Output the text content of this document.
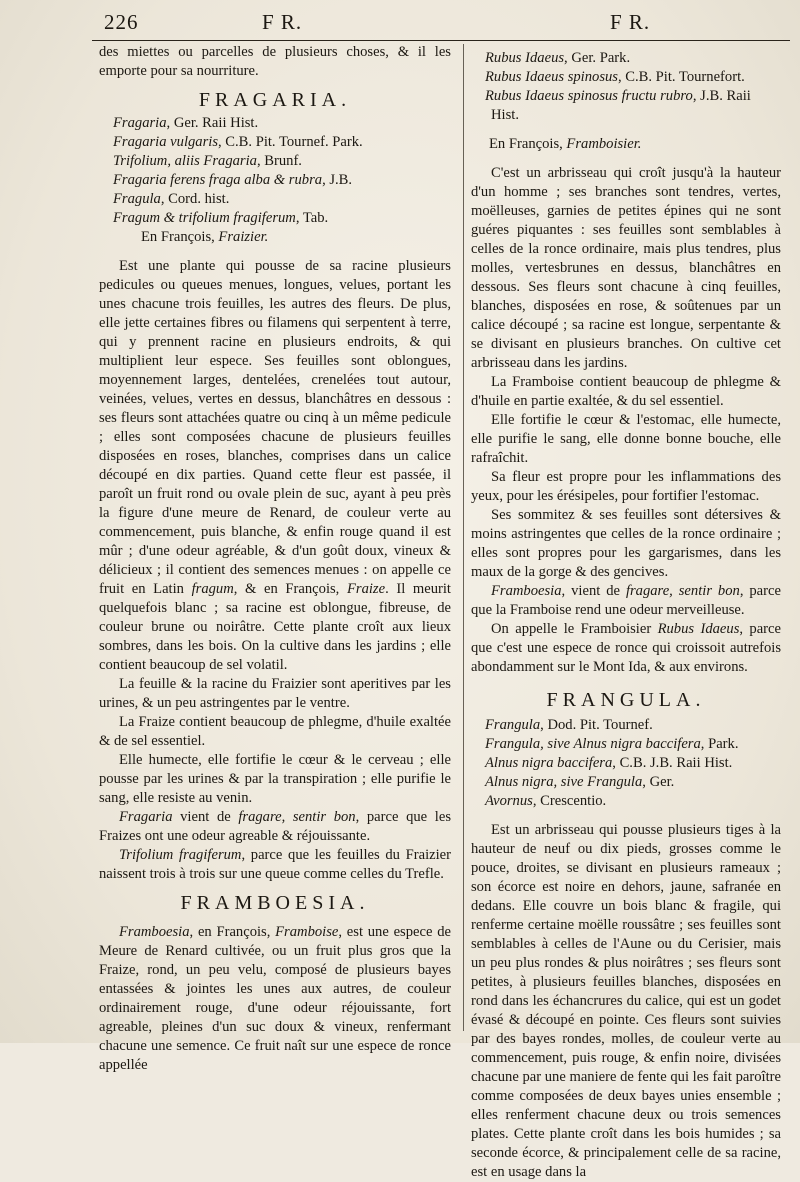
226	F R.	F R.

des miettes ou parcelles de plusieurs choses, & il les emporte pour sa nourriture.

FRAGARIA.

Fragaria, Ger. Raii Hist.

Fragaria vulgaris, C.B. Pit. Tournef. Park.

Trifolium, aliis Fragaria, Brunf.

Fragaria ferens fraga alba & rubra, J.B.

Fragula, Cord. hist.

Fragum & trifolium fragiferum, Tab.

En François, Fraizier.

Est une plante qui pousse de sa racine plusieurs pedicules ou queues menues, longues, velues, portant les unes chacune trois feuilles, les autres des fleurs. De plus, elle jette certaines fibres ou filamens qui serpentent à terre, qui y prennent racine en plusieurs endroits, & qui multiplient leur espece. Ses feuilles sont oblongues, moyennement larges, dentelées, crenelées tout autour, veinées, velues, vertes en dessus, blanchâtres en dessous : ses fleurs sont attachées quatre ou cinq à un même pedicule ; elles sont composées chacune de plusieurs feuilles disposées en roses, blanches, comprises dans un calice découpé en dix parties. Quand cette fleur est passée, il paroît un fruit rond ou ovale plein de suc, ayant à peu près la figure d'une meure de Renard, de couleur verte au commencement, puis blanche, & enfin rouge quand il est mûr ; d'une odeur agréable, & d'un goût doux, vineux & délicieux ; il contient des semences menues : on appelle ce fruit en Latin fragum, & en François, Fraize. Il meurit quelquefois blanc ; sa racine est oblongue, fibreuse, de couleur brune ou noirâtre. Cette plante croît aux lieux sombres, dans les bois. On la cultive dans les jardins ; elle contient beaucoup de sel volatil.

La feuille & la racine du Fraizier sont aperitives par les urines, & un peu astringentes par le ventre.

La Fraize contient beaucoup de phlegme, d'huile exaltée & de sel essentiel.

Elle humecte, elle fortifie le cœur & le cerveau ; elle pousse par les urines & par la transpiration ; elle purifie le sang, elle resiste au venin.

Fragaria vient de fragare, sentir bon, parce que les Fraizes ont une odeur agreable & réjouissante.

Trifolium fragiferum, parce que les feuilles du Fraizier naissent trois à trois sur une queue comme celles du Trefle.

FRAMBOESIA.

Framboesia, en François, Framboise, est une espece de Meure de Renard cultivée, ou un fruit plus gros que la Fraize, rond, un peu velu, composé de plusieurs bayes entassées & jointes les unes aux autres, de couleur ordinairement rouge, d'une odeur réjouissante, fort agreable, pleines d'un suc doux & vineux, renfermant chacune une semence. Ce fruit naît sur une espece de ronce appellée

Rubus Idaeus, Ger. Park.

Rubus Idaeus spinosus, C.B. Pit. Tournefort.

Rubus Idaeus spinosus fructu rubro, J.B. Raii Hist.

En François, Framboisier.

C'est un arbrisseau qui croît jusqu'à la hauteur d'un homme ; ses branches sont tendres, vertes, moëlleuses, garnies de petites épines qui ne sont guéres piquantes : ses feuilles sont semblables à celles de la ronce ordinaire, mais plus tendres, plus molles, vertesbrunes en dessus, blanchâtres en dessous. Ses fleurs sont chacune à cinq feuilles, blanches, disposées en rose, & soûtenues par un calice découpé ; sa racine est longue, serpentante & se divisant en plusieurs branches. On cultive cet arbrisseau dans les jardins.

La Framboise contient beaucoup de phlegme & d'huile en partie exaltée, & du sel essentiel.

Elle fortifie le cœur & l'estomac, elle humecte, elle purifie le sang, elle donne bonne bouche, elle rafraîchit.

Sa fleur est propre pour les inflammations des yeux, pour les érésipeles, pour fortifier l'estomac.

Ses sommitez & ses feuilles sont détersives & moins astringentes que celles de la ronce ordinaire ; elles sont propres pour les gargarismes, dans les maux de la gorge & des gencives.

Framboesia, vient de fragare, sentir bon, parce que la Framboise rend une odeur merveilleuse.

On appelle le Framboisier Rubus Idaeus, parce que c'est une espece de ronce qui croissoit autrefois abondamment sur le Mont Ida, & aux environs.

FRANGULA.

Frangula, Dod. Pit. Tournef.

Frangula, sive Alnus nigra baccifera, Park.

Alnus nigra baccifera, C.B. J.B. Raii Hist.

Alnus nigra, sive Frangula, Ger.

Avornus, Crescentio.

Est un arbrisseau qui pousse plusieurs tiges à la hauteur de neuf ou dix pieds, grosses comme le pouce, droites, se divisant en plusieurs rameaux ; son écorce est noire en dehors, jaune, safranée en dedans. Elle couvre un bois blanc & fragile, qui renferme certaine moëlle roussâtre ; ses feuilles sont semblables à celles de l'Aune ou du Cerisier, mais un peu plus rondes & plus noirâtres ; ses fleurs sont petites, à plusieurs feuilles blanches, disposées en rond dans les échancrures du calice, qui est un godet évasé & découpé en pointe. Ces fleurs sont suivies par des bayes rondes, molles, de couleur verte au commencement, puis rouge, & enfin noire, divisées chacune par une maniere de fente qui les fait paroître comme composées de deux bayes unies ensemble ; elles renferment chacune deux ou trois semences plates. Cette plante croît dans les bois humides ; sa seconde écorce, & principalement celle de sa racine, est en usage dans la
